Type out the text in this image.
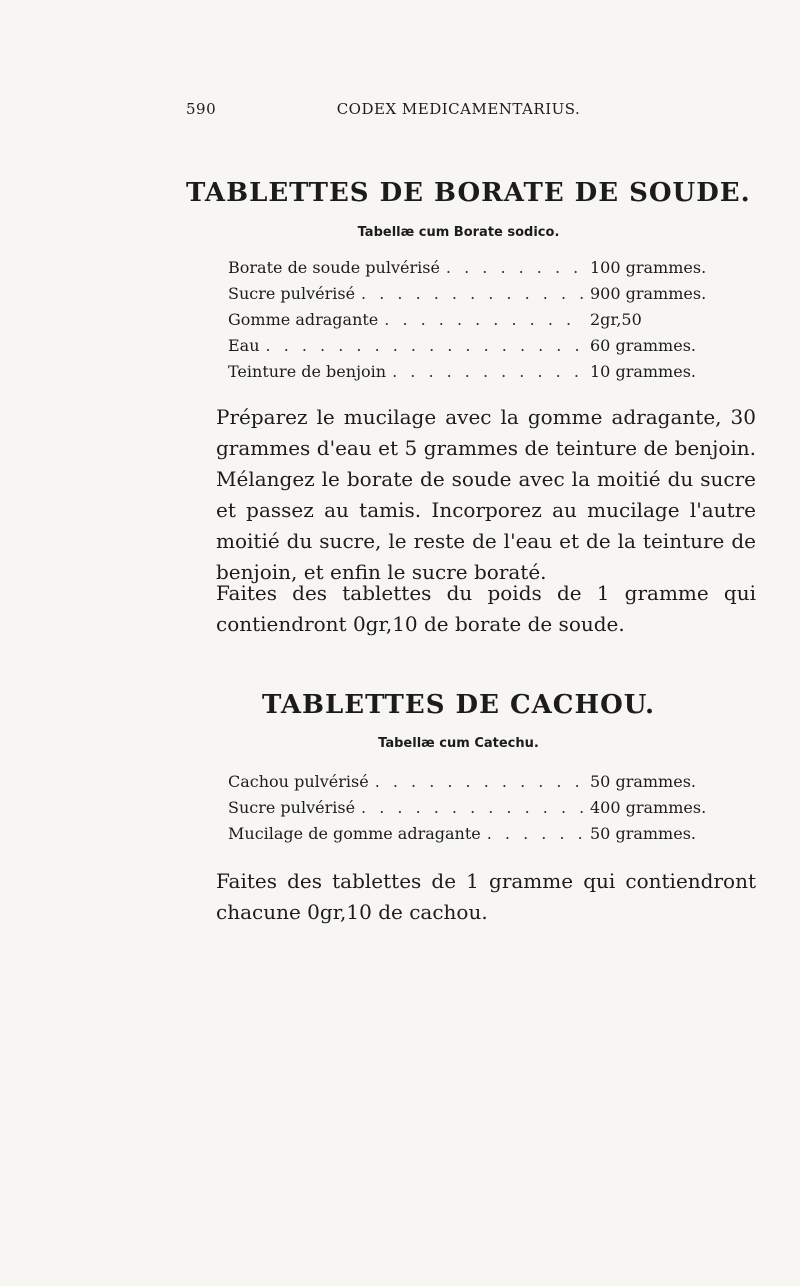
590	CODEX MEDICAMENTARIUS.
TABLETTES DE BORATE DE SOUDE.
Tabellæ cum Borate sodico.
Borate de soude pulvérisé . . .	100 grammes.
Sucre pulvérisé . . .	900 grammes.
Gomme adragante . . .	2gr,50
Eau . . .	60 grammes.
Teinture de benjoin . . .	10 grammes.

Préparez le mucilage avec la gomme adragante, 30 grammes d'eau et 5 grammes de teinture de benjoin. Mélangez le borate de soude avec la moitié du sucre et passez au tamis. Incorporez au mucilage l'autre moitié du sucre, le reste de l'eau et de la teinture de benjoin, et enfin le sucre boraté.

Faites des tablettes du poids de 1 gramme qui contiendront 0gr,10 de borate de soude.

TABLETTES DE CACHOU.
Tabellæ cum Catechu.
Cachou pulvérisé . . .	50 grammes.
Sucre pulvérisé . . .	400 grammes.
Mucilage de gomme adragante . . .	50 grammes.

Faites des tablettes de 1 gramme qui contiendront chacune 0gr,10 de cachou.
